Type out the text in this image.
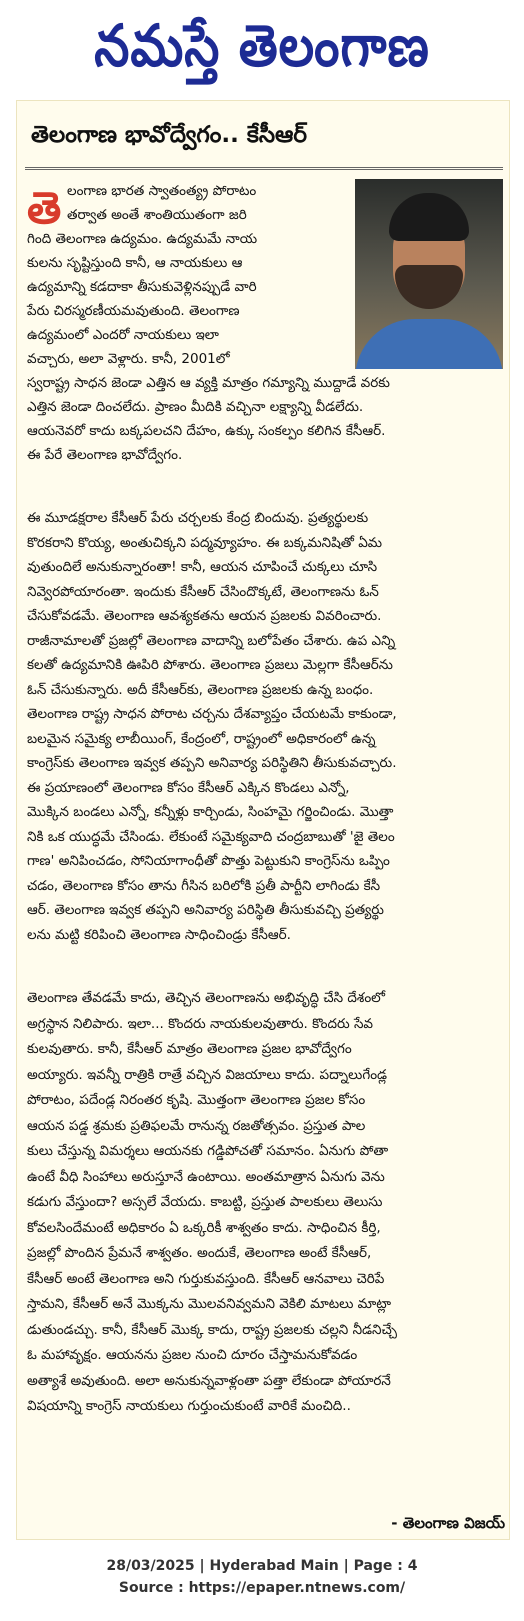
నమస్తే తెలంగాణ
తెలంగాణ భావోద్వేగం.. కేసీఆర్
తె లంగాణ భారత స్వాతంత్య్ర పోరాటం
తర్వాత అంతే శాంతియుతంగా జరి
గింది తెలంగాణ ఉద్యమం. ఉద్యమమే నాయ
కులను సృష్టిస్తుంది కానీ, ఆ నాయకులు ఆ
ఉద్యమాన్ని కడదాకా తీసుకువెళ్లినప్పుడే వారి
పేరు చిరస్మరణీయమవుతుంది. తెలంగాణ
ఉద్యమంలో ఎందరో నాయకులు ఇలా
వచ్చారు, అలా వెళ్లారు. కానీ, 2001లో
స్వరాష్ట్ర సాధన జెండా ఎత్తిన ఆ వ్యక్తి మాత్రం గమ్యాన్ని ముద్దాడే వరకు
ఎత్తిన జెండా దించలేదు. ప్రాణం మీదికి వచ్చినా లక్ష్యాన్ని వీడలేదు.
ఆయనెవరో కాదు బక్కపలచని దేహం, ఉక్కు సంకల్పం కలిగిన కేసీఆర్.
ఈ పేరే తెలంగాణ భావోద్వేగం.
ఈ మూడక్షరాల కేసీఆర్ పేరు చర్చలకు కేంద్ర బిందువు. ప్రత్యర్థులకు
కొరకరాని కొయ్య, అంతుచిక్కని పద్మవ్యూహం. ఈ బక్కమనిషితో ఏమ
వుతుందిలే అనుకున్నారంతా! కానీ, ఆయన చూపించే చుక్కలు చూసి
నివ్వెరపోయారంతా. ఇందుకు కేసీఆర్ చేసిందొక్కటే, తెలంగాణను ఓన్
చేసుకోవడమే. తెలంగాణ ఆవశ్యకతను ఆయన ప్రజలకు వివరించారు.
రాజీనామాలతో ప్రజల్లో తెలంగాణ వాదాన్ని బలోపేతం చేశారు. ఉప ఎన్ని
కలతో ఉద్యమానికి ఊపిరి పోశారు. తెలంగాణ ప్రజలు మెల్లగా కేసీఆర్‌ను
ఓన్ చేసుకున్నారు. అదీ కేసీఆర్‌కు, తెలంగాణ ప్రజలకు ఉన్న బంధం.
తెలంగాణ రాష్ట్ర సాధన పోరాట చర్చను దేశవ్యాప్తం చేయటమే కాకుండా,
బలమైన సమైక్య లాబీయింగ్, కేంద్రంలో, రాష్ట్రంలో అధికారంలో ఉన్న
కాంగ్రెస్‌కు తెలంగాణ ఇవ్వక తప్పని అనివార్య పరిస్థితిని తీసుకువచ్చారు.
ఈ ప్రయాణంలో తెలంగాణ కోసం కేసీఆర్ ఎక్కిన కొండలు ఎన్నో,
మొక్కిన బండలు ఎన్నో, కన్నీళ్లు కార్చిండు, సింహమై గర్జించిండు. మొత్తా
నికి ఒక యుద్ధమే చేసిండు. లేకుంటే సమైక్యవాది చంద్రబాబుతో 'జై తెలం
గాణ' అనిపించడం, సోనియాగాంధీతో పొత్తు పెట్టుకుని కాంగ్రెస్‌ను ఒప్పిం
చడం, తెలంగాణ కోసం తాను గీసిన బరిలోకి ప్రతీ పార్టీని లాగిండు కేసీ
ఆర్. తెలంగాణ ఇవ్వక తప్పని అనివార్య పరిస్థితి తీసుకువచ్చి ప్రత్యర్థు
లను మట్టి కరిపించి తెలంగాణ సాధించిండ్రు కేసీఆర్.
తెలంగాణ తేవడమే కాదు, తెచ్చిన తెలంగాణను అభివృద్ధి చేసి దేశంలో
అగ్రస్థాన నిలిపారు. ఇలా... కొందరు నాయకులవుతారు. కొందరు సేవ
కులవుతారు. కానీ, కేసీఆర్ మాత్రం తెలంగాణ ప్రజల భావోద్వేగం
అయ్యారు. ఇవన్నీ రాత్రికి రాత్రే వచ్చిన విజయాలు కాదు. పద్నాలుగేండ్ల
పోరాటం, పదేండ్ల నిరంతర కృషి. మొత్తంగా తెలంగాణ ప్రజల కోసం
ఆయన పడ్డ శ్రమకు ప్రతిఫలమే రానున్న రజతోత్సవం. ప్రస్తుత పాల
కులు చేస్తున్న విమర్శలు ఆయనకు గడ్డిపోచతో సమానం. ఏనుగు పోతా
ఉంటే వీధి సింహాలు అరుస్తూనే ఉంటాయి. అంతమాత్రాన ఏనుగు వెను
కడుగు వేస్తుందా? అస్సలే వేయదు. కాబట్టి, ప్రస్తుత పాలకులు తెలుసు
కోవలసిందేమంటే అధికారం ఏ ఒక్కరికీ శాశ్వతం కాదు. సాధించిన కీర్తి,
ప్రజల్లో పొందిన ప్రేమనే శాశ్వతం. అందుకే, తెలంగాణ అంటే కేసీఆర్,
కేసీఆర్ అంటే తెలంగాణ అని గుర్తుకువస్తుంది. కేసీఆర్ ఆనవాలు చెరిపే
స్తామని, కేసీఆర్ అనే మొక్కను మొలవనివ్వమని వెకిలి మాటలు మాట్లా
డుతుండచ్చు. కానీ, కేసీఆర్ మొక్క కాదు, రాష్ట్ర ప్రజలకు చల్లని నీడనిచ్చే
ఓ మహావృక్షం. ఆయనను ప్రజల నుంచి దూరం చేస్తామనుకోవడం
అత్యాశే అవుతుంది. అలా అనుకున్నవాళ్లంతా పత్తా లేకుండా పోయారనే
విషయాన్ని కాంగ్రెస్ నాయకులు గుర్తుంచుకుంటే వారికే మంచిది..
- తెలంగాణ విజయ్
28/03/2025 | Hyderabad Main | Page : 4
Source : https://epaper.ntnews.com/
